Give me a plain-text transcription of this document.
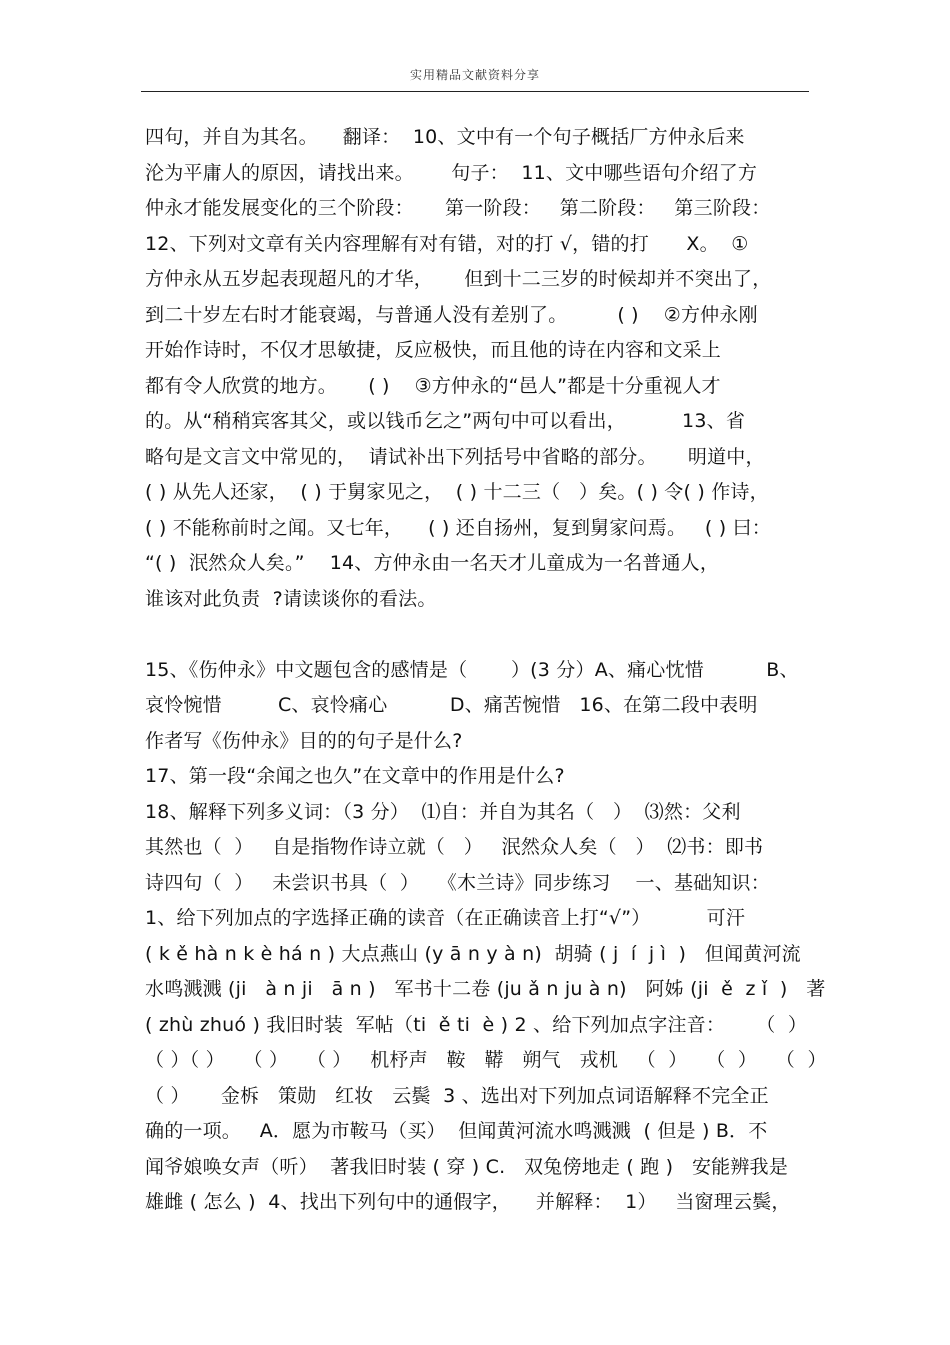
实用精品文献资料分享
四句，并自为其名。    翻译：  10、文中有一个句子概括厂方仲永后来
沦为平庸人的原因，请找出来。      句子：  11、文中哪些语句介绍了方
仲永才能发展变化的三个阶段：     第一阶段：   第二阶段：   第三阶段：
12、下列对文章有关内容理解有对有错，对的打 √，错的打      X。  ①
方仲永从五岁起表现超凡的才华，     但到十二三岁的时候却并不突出了，
到二十岁左右时才能衰竭，与普通人没有差别了。        ( )    ②方仲永刚
开始作诗时，不仅才思敏捷，反应极快，而且他的诗在内容和文采上
都有令人欣赏的地方。     ( )    ③方仲永的“邑人”都是十分重视人才
的。从“稍稍宾客其父，或以钱币乞之”两句中可以看出，         13、省
略句是文言文中常见的，  请试补出下列括号中省略的部分。     明道中，
( ) 从先人还家，  ( ) 于舅家见之，  ( ) 十二三（   ）矣。( ) 令( ) 作诗，
( ) 不能称前时之闻。又七年，    ( ) 还自扬州，复到舅家问焉。   ( ) 曰：
“( )  泯然众人矣。”    14、方仲永由一名天才儿童成为一名普通人，
谁该对此负责  ?请读谈你的看法。
15、《伤仲永》中文题包含的感情是（       ）(3 分）A、痛心忱惜          B、
哀怜惋惜         C、哀怜痛心          D、痛苦惋惜   16、在第二段中表明
作者写《伤仲永》目的的句子是什么?
17、第一段“余闻之也久”在文章中的作用是什么?
18、解释下列多义词：（3 分）  ⑴自：并自为其名（   ）  ⑶然：父利
其然也（  ）   自是指物作诗立就（   ）   泯然众人矣（   ）  ⑵书：即书
诗四句（  ）   未尝识书具（  ）   《木兰诗》同步练习    一、基础知识：
1、给下列加点的字选择正确的读音（在正确读音上打“√”）         可汗
( k ě hà n k è há n ) 大点燕山 (y ā n y à n)  胡骑 ( j  í  j ì  )   但闻黄河流
水鸣溅溅 (ji   à n ji   ā n )   军书十二卷 (ju ǎ n ju à n)   阿姊 (ji  ě  z ǐ  )   著
( zhù zhuó ) 我旧时装  军帖（ti  ě ti  è ) 2 、给下列加点字注音：     （  ）
（ ）（ ）   （ ）   （ ）   机杼声   鞍   鞯   朔气   戎机   （  ）   （  ）   （  ）
（ ）     金柝   策勋   红妆   云鬓  3 、选出对下列加点词语解释不完全正
确的一项。   A．愿为市鞍马（买）  但闻黄河流水鸣溅溅  ( 但是 ) B．不
闻爷娘唤女声（听）  著我旧时装 ( 穿 ) C.   双兔傍地走 ( 跑 )   安能辨我是
雄雌 ( 怎么 )  4、找出下列句中的通假字，    并解释：  1）   当窗理云鬓，
